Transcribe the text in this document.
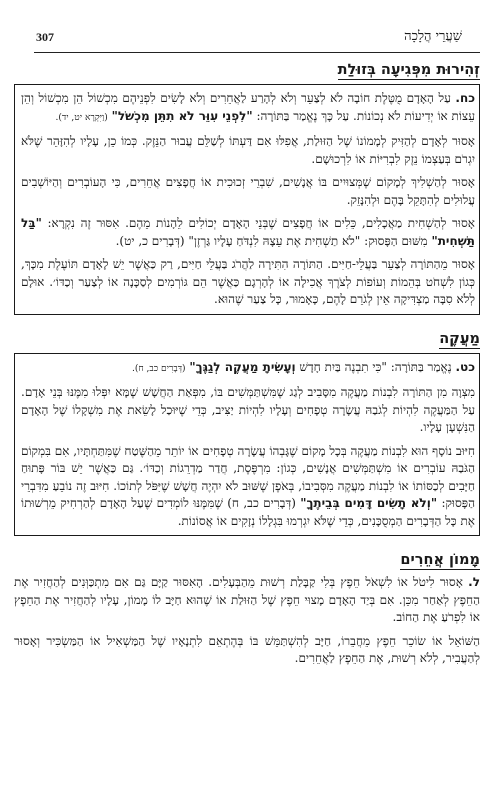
307	שַׁעֲרֵי הֲלָכָה
זְהִירוּת מִפְּגִיעָה בְּזוּלַת

כח. עַל הָאָדָם מֻטֶּלֶת חוֹבָה לֹא לְצַעֵר וְלֹא לְהָרַע לַאֲחֵרִים וְלֹא לָשִׂים לִפְנֵיהֶם מִכְשׁוֹל הֵן מִכְשׁוֹל וְהֵן עֵצוֹת אוֹ יְדִיעוֹת לֹא נְכוֹנוֹת. עַל כָּךְ נֶאֱמַר בַּתּוֹרָה: "לִפְנֵי עִוֵּר לֹא תִתֵּן מִכְשֹׁל" (וַיִּקְרָא יט, יד).

אָסוּר לְאָדָם לְהַזִּיק לְמָמוֹנוֹ שֶׁל הַזּוּלַת, אֲפִלּוּ אִם דַּעְתּוֹ לְשַׁלֵּם עֲבוּר הַנֵּזֶק. כְּמוֹ כֵן, עָלָיו לְהִזָּהֵר שֶׁלֹּא יִגְרֹם בְּעַצְמוֹ נֵזֶק לִבְרִיּוֹת אוֹ לִרְכוּשָׁם.

אָסוּר לְהַשְׁלִיךְ לְמָקוֹם שֶׁמְּצוּיִים בּוֹ אֲנָשִׁים, שִׁבְרֵי זְכוּכִית אוֹ חֲפָצִים אֲחֵרִים, כִּי הָעוֹבְרִים וְהַיּוֹשְׁבִים עֲלוּלִים לְהִתָּקֵל בָּהֶם וּלְהִנָּזֵק.

אָסוּר לְהַשְׁחִית מַאֲכָלִים, כֵּלִים אוֹ חֲפָצִים שֶׁבְּנֵי הָאָדָם יְכוֹלִים לֵהָנוֹת מֵהֶם. אִסּוּר זֶה נִקְרָא: "בַּל תַּשְׁחִית" מִשּׁוּם הַפָּסוּק: "לֹא תַשְׁחִית אֶת עֵצָהּ לִנְדֹּחַ עָלָיו גַּרְזֶן" (דְּבָרִים כ, יט).

אָסוּר מֵהַתּוֹרָה לְצַעֵר בַּעֲלֵי-חַיִּים. הַתּוֹרָה הִתִּירָה לַהֲרֹג בַּעֲלֵי חַיִּים, רַק כַּאֲשֶׁר יֵשׁ לָאָדָם תּוֹעֶלֶת מִכָּךְ, כְּגוֹן לִשְׁחֹט בְּהֵמוֹת וְעוֹפוֹת לְצֹרֶךְ אֲכִילָה אוֹ לְהָרְגָם כַּאֲשֶׁר הֵם גּוֹרְמִים לְסַכָּנָה אוֹ לְצַעַר וְכַדּוֹ׳. אוּלָם לְלֹא סִבָּה מַצְדִּיקָה אֵין לְגֹרֵם לָהֶם, כָּאָמוּר, כָּל צַעַר שֶׁהוּא.

מַעֲקֶה

כט. נֶאֱמַר בַּתּוֹרָה: "כִּי תִבְנֶה בַּיִת חָדָשׁ וְעָשִׂיתָ מַעֲקֶה לְגַגֶּךָ" (דְּבָרִים כב, ח).

מִצְוָה מִן הַתּוֹרָה לִבְנוֹת מַעֲקֶה מִסָּבִיב לְגַג שֶׁמִּשְׁתַּמְּשִׁים בּוֹ, מִפְּאַת הַחֲשָׁשׁ שֶׁמָּא יִפְּלוּ מִמֶּנּוּ בְּנֵי אָדָם. עַל הַמַּעֲקֶה לִהְיוֹת לְגֹבַהּ עֲשָׂרָה טְפָחִים וְעָלָיו לִהְיוֹת יַצִּיב, כְּדֵי שֶׁיּוּכַל לָשֵׂאת אֶת מִשְׁקָלוֹ שֶׁל הָאָדָם הַנִּשְׁעָן עָלָיו.

חִיּוּב נוֹסָף הוּא לִבְנוֹת מַעֲקֶה בְּכָל מָקוֹם שֶׁגָּבְהוֹ עֲשָׂרָה טְפָחִים אוֹ יוֹתֵר מֵהַשֶּׁטַח שֶׁמִּתַּחְתָּיו, אִם בִּמְקוֹם הַגֹּבַהּ עוֹבְרִים אוֹ מִשְׁתַּמְּשִׁים אֲנָשִׁים, כְּגוֹן: מִרְפֶּסֶת, חֲדַר מַדְרֵגוֹת וְכַדּוֹ׳. גַּם כַּאֲשֶׁר יֵשׁ בּוֹר פָּתוּחַ חַיָּבִים לְכַסּוֹתוֹ אוֹ לִבְנוֹת מַעֲקֶה מִסְּבִיבוֹ, בְּאֹפֶן שֶׁשּׁוּב לֹא יִהְיֶה חֲשָׁשׁ שֶׁיִּפֹּל לְתוֹכוֹ. חִיּוּב זֶה נוֹבֵעַ מִדִּבְרֵי הַפָּסוּק: "וְלֹא תָשִׂים דָּמִים בְּבֵיתֶךָ" (דְּבָרִים כב, ח) שֶׁמִּמֶּנּוּ לוֹמְדִים שֶׁעַל הָאָדָם לְהַרְחִיק מֵרְשׁוּתוֹ אֶת כָּל הַדְּבָרִים הַמְסֻכָּנִים, כְּדֵי שֶׁלֹּא יִגְרְמוּ בִּגְלָלוֹ נְזָקִים אוֹ אֲסוֹנוֹת.

מָמוֹן אֲחֵרִים

ל. אָסוּר לִיטֹל אוֹ לִשְׁאֹל חֵפֶץ בְּלִי קַבָּלַת רְשׁוּת מֵהַבְּעָלִים. הָאִסּוּר קַיָּם גַּם אִם מִתְכַּוְּנִים לְהַחֲזִיר אֶת הַחֵפֶץ לְאַחַר מִכֵּן. אִם בְּיַד הָאָדָם מָצוּי חֵפֶץ שֶׁל הַזּוּלַת אוֹ שֶׁהוּא חַיָּב לוֹ מָמוֹן, עָלָיו לְהַחֲזִיר אֶת הַחֵפֶץ אוֹ לִפְרֹעַ אֶת הַחוֹב.

הַשּׁוֹאֵל אוֹ שׂוֹכֵר חֵפֶץ מֵחֲבֵרוֹ, חַיָּב לְהִשְׁתַּמֵּשׁ בּוֹ בְּהֶתְאֵם לִתְנָאָיו שֶׁל הַמַּשְׁאִיל אוֹ הַמַּשְׂכִּיר וְאָסוּר לְהַעֲבִיר, לְלֹא רְשׁוּת, אֶת הַחֵפֶץ לַאֲחֵרִים.
